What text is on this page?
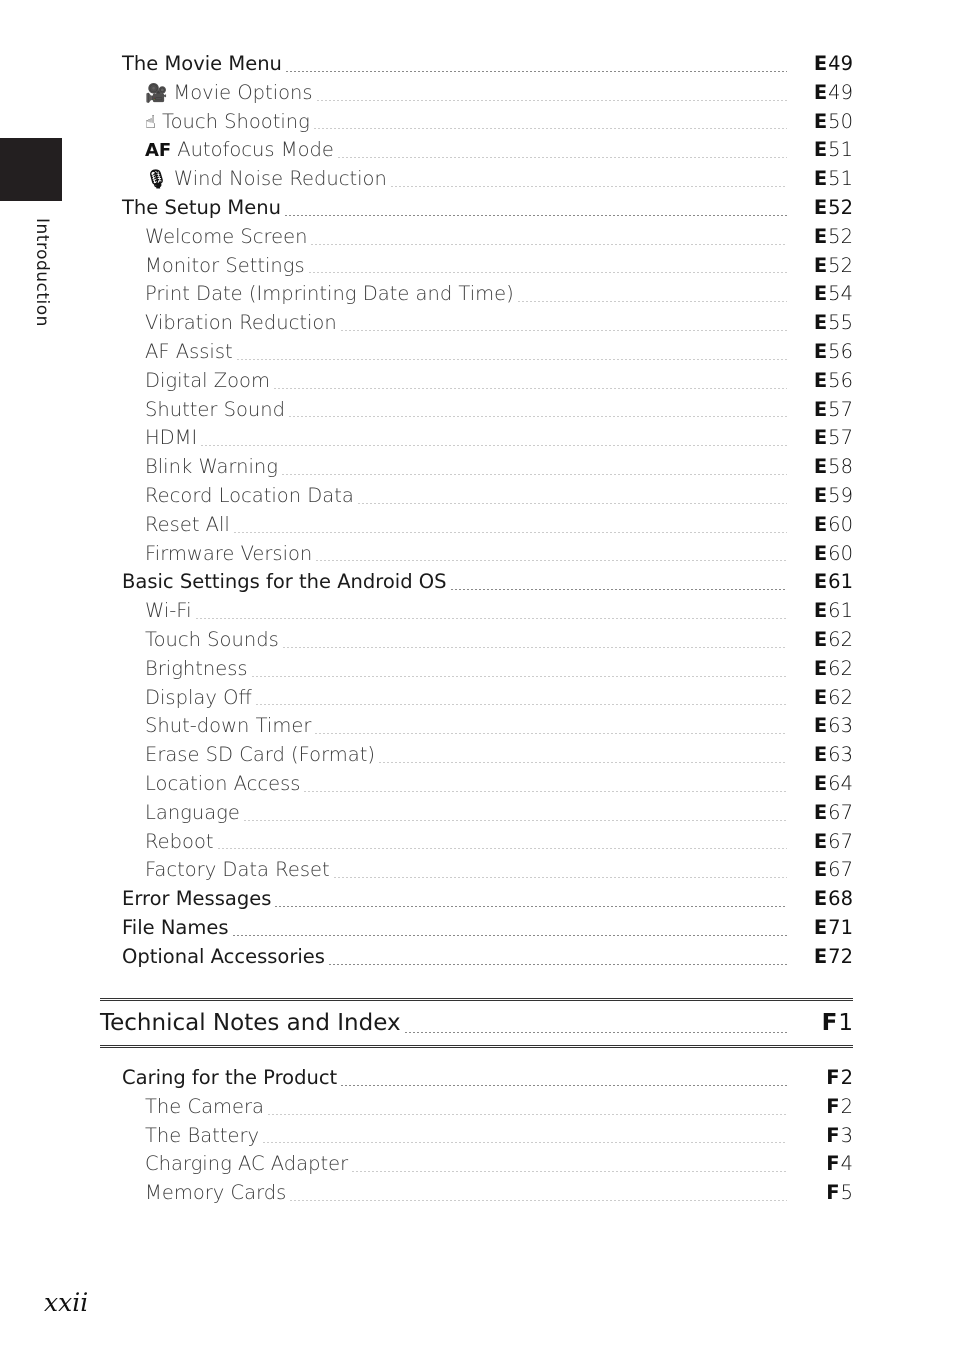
Introduction
The Movie Menu	E49
🎥 Movie Options	E49
☝ Touch Shooting	E50
AF Autofocus Mode	E51
🎙 Wind Noise Reduction	E51
The Setup Menu	E52
Welcome Screen	E52
Monitor Settings	E52
Print Date (Imprinting Date and Time)	E54
Vibration Reduction	E55
AF Assist	E56
Digital Zoom	E56
Shutter Sound	E57
HDMI	E57
Blink Warning	E58
Record Location Data	E59
Reset All	E60
Firmware Version	E60
Basic Settings for the Android OS	E61
Wi-Fi	E61
Touch Sounds	E62
Brightness	E62
Display Off	E62
Shut-down Timer	E63
Erase SD Card (Format)	E63
Location Access	E64
Language	E67
Reboot	E67
Factory Data Reset	E67
Error Messages	E68
File Names	E71
Optional Accessories	E72
Technical Notes and Index	F1
Caring for the Product	F2
The Camera	F2
The Battery	F3
Charging AC Adapter	F4
Memory Cards	F5
xxii
